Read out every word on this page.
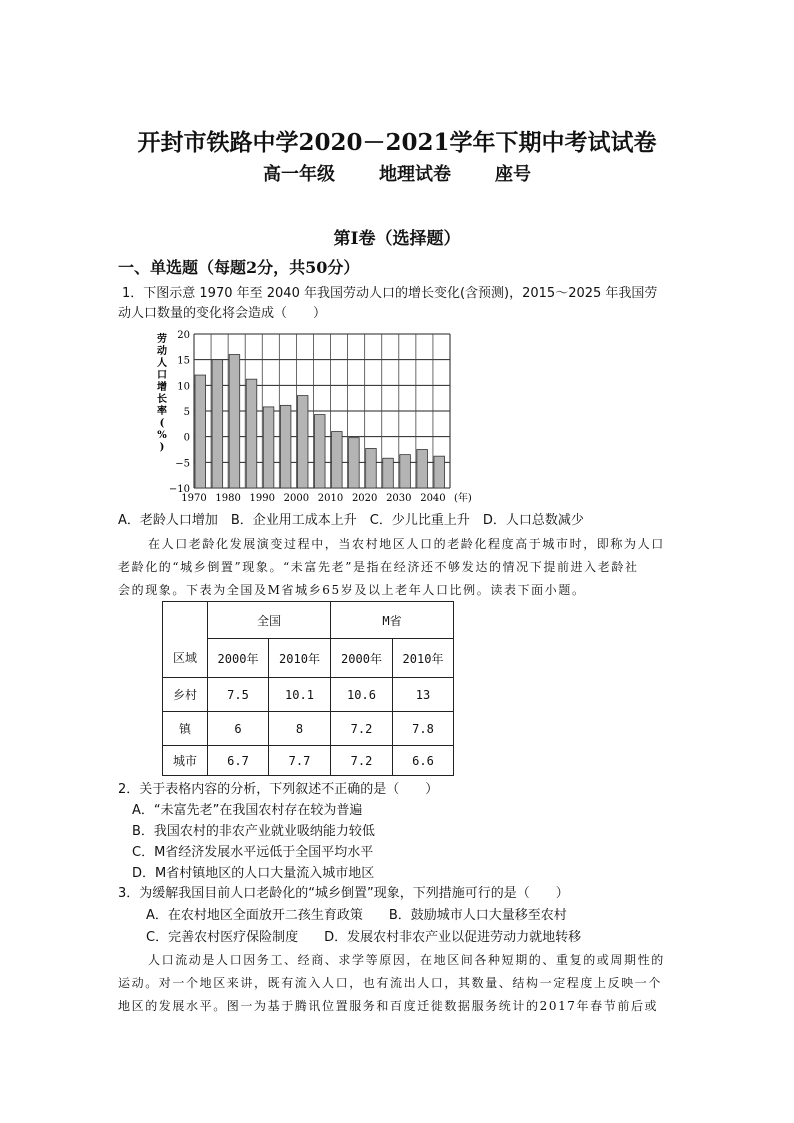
开封市铁路中学2020－2021学年下期中考试试卷
高一年级 地理试卷 座号
第Ⅰ卷（选择题）
一、单选题（每题2分，共50分）
1．下图示意 1970 年至 2040 年我国劳动人口的增长变化(含预测)，2015～2025 年我国劳
动人口数量的变化将会造成（　　）
20
15
10
5
0
−5
−10
1970 1980 1990 2000 2010 2020 2030 2040 (年)
劳
动
人
口
增
长
率
(
%
)
A．老龄人口增加　B．企业用工成本上升　C．少儿比重上升　D．人口总数减少
在人口老龄化发展演变过程中，当农村地区人口的老龄化程度高于城市时，即称为人口
老龄化的“城乡倒置”现象。“未富先老”是指在经济还不够发达的情况下提前进入老龄社
会的现象。下表为全国及M省城乡65岁及以上老年人口比例。读表下面小题。
	全国		M省	
区域	2000年	2010年	2000年	2010年
乡村	7.5	10.1	10.6	13
镇	6	8	7.2	7.8
城市	6.7	7.7	7.2	6.6
2．关于表格内容的分析，下列叙述不正确的是（　　）
A．“未富先老”在我国农村存在较为普遍
B．我国农村的非农产业就业吸纳能力较低
C．M省经济发展水平远低于全国平均水平
D．M省村镇地区的人口大量流入城市地区
3．为缓解我国目前人口老龄化的“城乡倒置”现象，下列措施可行的是（　　）
A．在农村地区全面放开二孩生育政策　　B．鼓励城市人口大量移至农村
C．完善农村医疗保险制度　　D．发展农村非农产业以促进劳动力就地转移
人口流动是人口因务工、经商、求学等原因，在地区间各种短期的、重复的或周期性的
运动。对一个地区来讲，既有流入人口，也有流出人口，其数量、结构一定程度上反映一个
地区的发展水平。图一为基于腾讯位置服务和百度迁徙数据服务统计的2017年春节前后或
